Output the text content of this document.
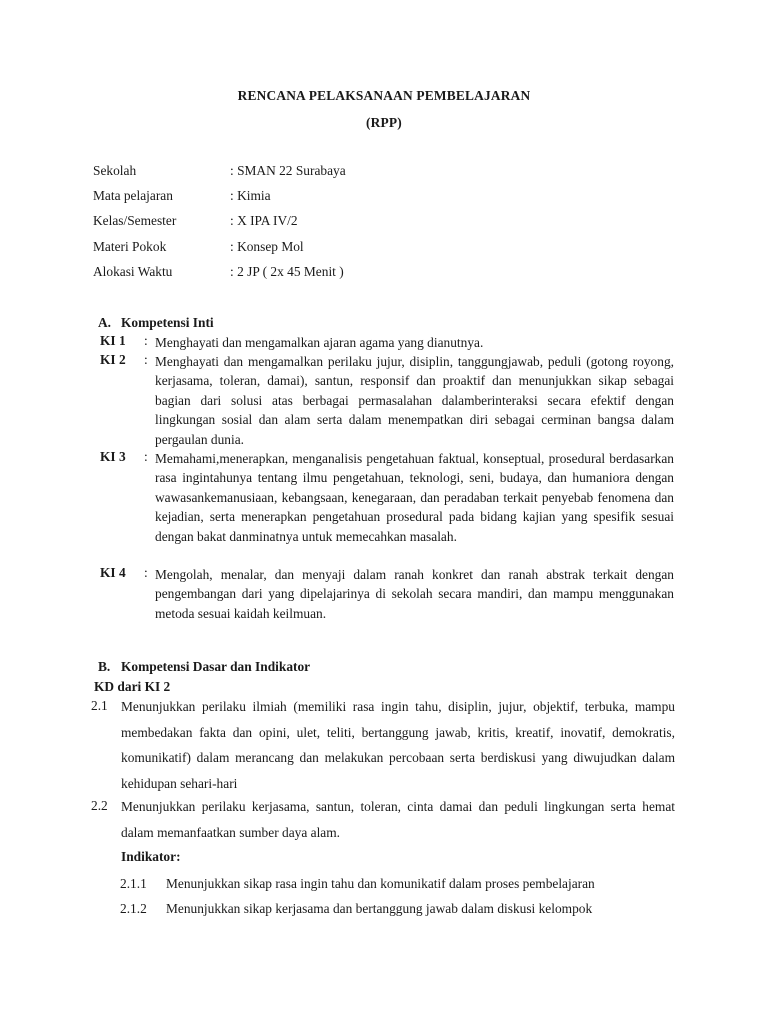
RENCANA PELAKSANAAN PEMBELAJARAN
(RPP)
Sekolah	: SMAN 22 Surabaya
Mata pelajaran	: Kimia
Kelas/Semester	: X IPA IV/2
Materi Pokok	: Konsep Mol
Alokasi Waktu	: 2 JP ( 2x 45 Menit )
A. Kompetensi Inti
KI 1 : Menghayati dan mengamalkan ajaran agama yang dianutnya.
KI 2 : Menghayati dan mengamalkan perilaku jujur, disiplin, tanggungjawab, peduli (gotong royong, kerjasama, toleran, damai), santun, responsif dan proaktif dan menunjukkan sikap sebagai bagian dari solusi atas berbagai permasalahan dalamberinteraksi secara efektif dengan lingkungan sosial dan alam serta dalam menempatkan diri sebagai cerminan bangsa dalam pergaulan dunia.
KI 3 : Memahami,menerapkan, menganalisis pengetahuan faktual, konseptual, prosedural berdasarkan rasa ingintahunya tentang ilmu pengetahuan, teknologi, seni, budaya, dan humaniora dengan wawasankemanusiaan, kebangsaan, kenegaraan, dan peradaban terkait penyebab fenomena dan kejadian, serta menerapkan pengetahuan prosedural pada bidang kajian yang spesifik sesuai dengan bakat danminatnya untuk memecahkan masalah.
KI 4 : Mengolah, menalar, dan menyaji dalam ranah konkret dan ranah abstrak terkait dengan pengembangan dari yang dipelajarinya di sekolah secara mandiri, dan mampu menggunakan metoda sesuai kaidah keilmuan.
B. Kompetensi Dasar dan Indikator
KD dari KI 2
2.1 Menunjukkan perilaku ilmiah (memiliki rasa ingin tahu, disiplin, jujur, objektif, terbuka, mampu membedakan fakta dan opini, ulet, teliti, bertanggung jawab, kritis, kreatif, inovatif, demokratis, komunikatif) dalam merancang dan melakukan percobaan serta berdiskusi yang diwujudkan dalam kehidupan sehari-hari
2.2 Menunjukkan perilaku kerjasama, santun, toleran, cinta damai dan peduli lingkungan serta hemat dalam memanfaatkan sumber daya alam.
Indikator:
2.1.1 Menunjukkan sikap rasa ingin tahu dan komunikatif dalam proses pembelajaran
2.1.2 Menunjukkan sikap kerjasama dan bertanggung jawab dalam diskusi kelompok
